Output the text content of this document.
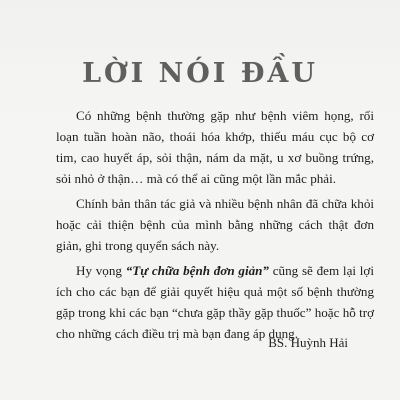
LỜI NÓI ĐẦU

Có những bệnh thường gặp như bệnh viêm họng, rối loạn tuần hoàn não, thoái hóa khớp, thiếu máu cục bộ cơ tim, cao huyết áp, sỏi thận, nám da mặt, u xơ buồng trứng, sỏi nhỏ ở thận… mà có thể ai cũng một lần mắc phải.

Chính bản thân tác giả và nhiều bệnh nhân đã chữa khỏi hoặc cải thiện bệnh của mình bằng những cách thật đơn giản, ghi trong quyển sách này.

Hy vọng “Tự chữa bệnh đơn giản” cũng sẽ đem lại lợi ích cho các bạn để giải quyết hiệu quả một số bệnh thường gặp trong khi các bạn “chưa gặp thầy gặp thuốc” hoặc hỗ trợ cho những cách điều trị mà bạn đang áp dụng.

BS. Huỳnh Hải
